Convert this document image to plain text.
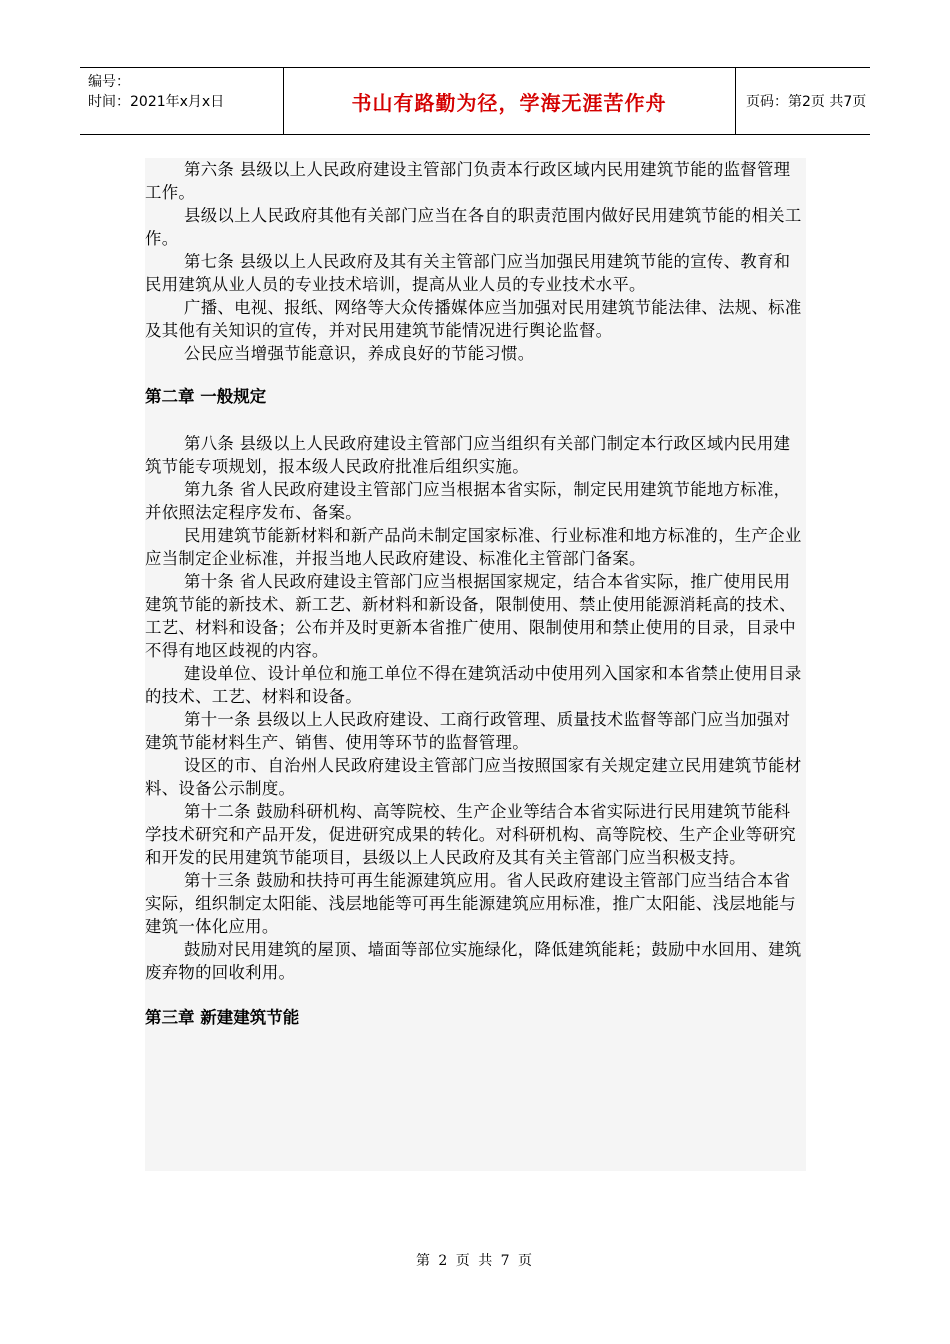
编号：
时间：2021年x月x日	书山有路勤为径，学海无涯苦作舟	页码：第2页 共7页

第六条 县级以上人民政府建设主管部门负责本行政区域内民用建筑节能的监督管理工作。

县级以上人民政府其他有关部门应当在各自的职责范围内做好民用建筑节能的相关工作。

第七条 县级以上人民政府及其有关主管部门应当加强民用建筑节能的宣传、教育和民用建筑从业人员的专业技术培训，提高从业人员的专业技术水平。

广播、电视、报纸、网络等大众传播媒体应当加强对民用建筑节能法律、法规、标准及其他有关知识的宣传，并对民用建筑节能情况进行舆论监督。

公民应当增强节能意识，养成良好的节能习惯。

第二章 一般规定

第八条 县级以上人民政府建设主管部门应当组织有关部门制定本行政区域内民用建筑节能专项规划，报本级人民政府批准后组织实施。

第九条 省人民政府建设主管部门应当根据本省实际，制定民用建筑节能地方标准，并依照法定程序发布、备案。

民用建筑节能新材料和新产品尚未制定国家标准、行业标准和地方标准的，生产企业应当制定企业标准，并报当地人民政府建设、标准化主管部门备案。

第十条 省人民政府建设主管部门应当根据国家规定，结合本省实际，推广使用民用建筑节能的新技术、新工艺、新材料和新设备，限制使用、禁止使用能源消耗高的技术、工艺、材料和设备；公布并及时更新本省推广使用、限制使用和禁止使用的目录，目录中不得有地区歧视的内容。

建设单位、设计单位和施工单位不得在建筑活动中使用列入国家和本省禁止使用目录的技术、工艺、材料和设备。

第十一条 县级以上人民政府建设、工商行政管理、质量技术监督等部门应当加强对建筑节能材料生产、销售、使用等环节的监督管理。

设区的市、自治州人民政府建设主管部门应当按照国家有关规定建立民用建筑节能材料、设备公示制度。

第十二条 鼓励科研机构、高等院校、生产企业等结合本省实际进行民用建筑节能科学技术研究和产品开发，促进研究成果的转化。对科研机构、高等院校、生产企业等研究和开发的民用建筑节能项目，县级以上人民政府及其有关主管部门应当积极支持。

第十三条 鼓励和扶持可再生能源建筑应用。省人民政府建设主管部门应当结合本省实际，组织制定太阳能、浅层地能等可再生能源建筑应用标准，推广太阳能、浅层地能与建筑一体化应用。

鼓励对民用建筑的屋顶、墙面等部位实施绿化，降低建筑能耗；鼓励中水回用、建筑废弃物的回收利用。

第三章 新建建筑节能
第 2 页 共 7 页
